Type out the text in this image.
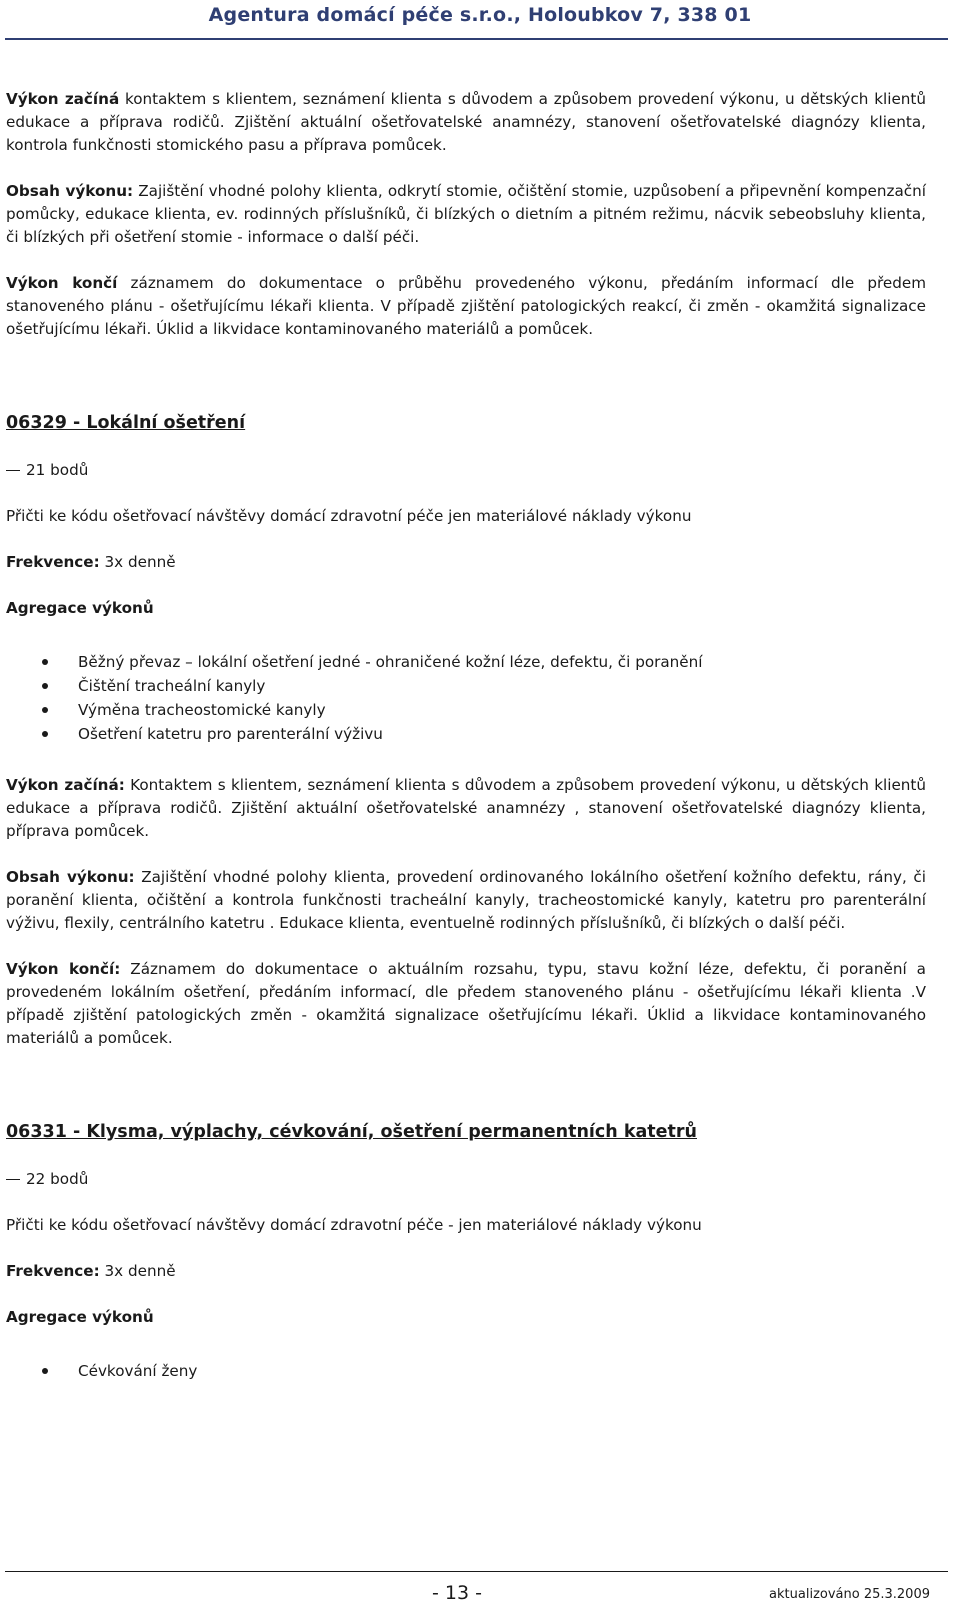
Agentura domácí péče s.r.o., Holoubkov 7, 338 01

Výkon začíná kontaktem s klientem, seznámení klienta s důvodem a způsobem provedení výkonu, u dětských klientů edukace a příprava rodičů. Zjištění aktuální ošetřovatelské anamnézy, stanovení ošetřovatelské diagnózy klienta, kontrola funkčnosti stomického pasu a příprava pomůcek.

Obsah výkonu: Zajištění vhodné polohy klienta, odkrytí stomie, očištění stomie, uzpůsobení a připevnění kompenzační pomůcky, edukace klienta, ev. rodinných příslušníků, či blízkých o dietním a pitném režimu, nácvik sebeobsluhy klienta, či blízkých při ošetření stomie - informace o další péči.

Výkon končí záznamem do dokumentace o průběhu provedeného výkonu, předáním informací dle předem stanoveného plánu - ošetřujícímu lékaři klienta. V případě zjištění patologických reakcí, či změn - okamžitá signalizace ošetřujícímu lékaři. Úklid a likvidace kontaminovaného materiálů a pomůcek.

06329 - Lokální ošetření

21 bodů

Přičti ke kódu ošetřovací návštěvy domácí zdravotní péče jen materiálové náklady výkonu

Frekvence: 3x denně

Agregace výkonů

Běžný převaz – lokální ošetření jedné - ohraničené kožní léze, defektu, či poranění
Čištění tracheální kanyly
Výměna tracheostomické kanyly
Ošetření katetru pro parenterální výživu

Výkon začíná: Kontaktem s klientem, seznámení klienta s důvodem a způsobem provedení výkonu, u dětských klientů edukace a příprava rodičů. Zjištění aktuální ošetřovatelské anamnézy , stanovení ošetřovatelské diagnózy klienta, příprava pomůcek.

Obsah výkonu: Zajištění vhodné polohy klienta, provedení ordinovaného lokálního ošetření kožního defektu, rány, či poranění klienta, očištění a kontrola funkčnosti tracheální kanyly, tracheostomické kanyly, katetru pro parenterální výživu, flexily, centrálního katetru . Edukace klienta, eventuelně rodinných příslušníků, či blízkých o další péči.

Výkon končí: Záznamem do dokumentace o aktuálním rozsahu, typu, stavu kožní léze, defektu, či poranění a provedeném lokálním ošetření, předáním informací, dle předem stanoveného plánu - ošetřujícímu lékaři klienta .V případě zjištění patologických změn - okamžitá signalizace ošetřujícímu lékaři. Úklid a likvidace kontaminovaného materiálů a pomůcek.

06331 - Klysma, výplachy, cévkování, ošetření permanentních katetrů

22 bodů

Přičti ke kódu ošetřovací návštěvy domácí zdravotní péče - jen materiálové náklady výkonu

Frekvence: 3x denně

Agregace výkonů

Cévkování ženy
- 13 -	aktualizováno 25.3.2009
